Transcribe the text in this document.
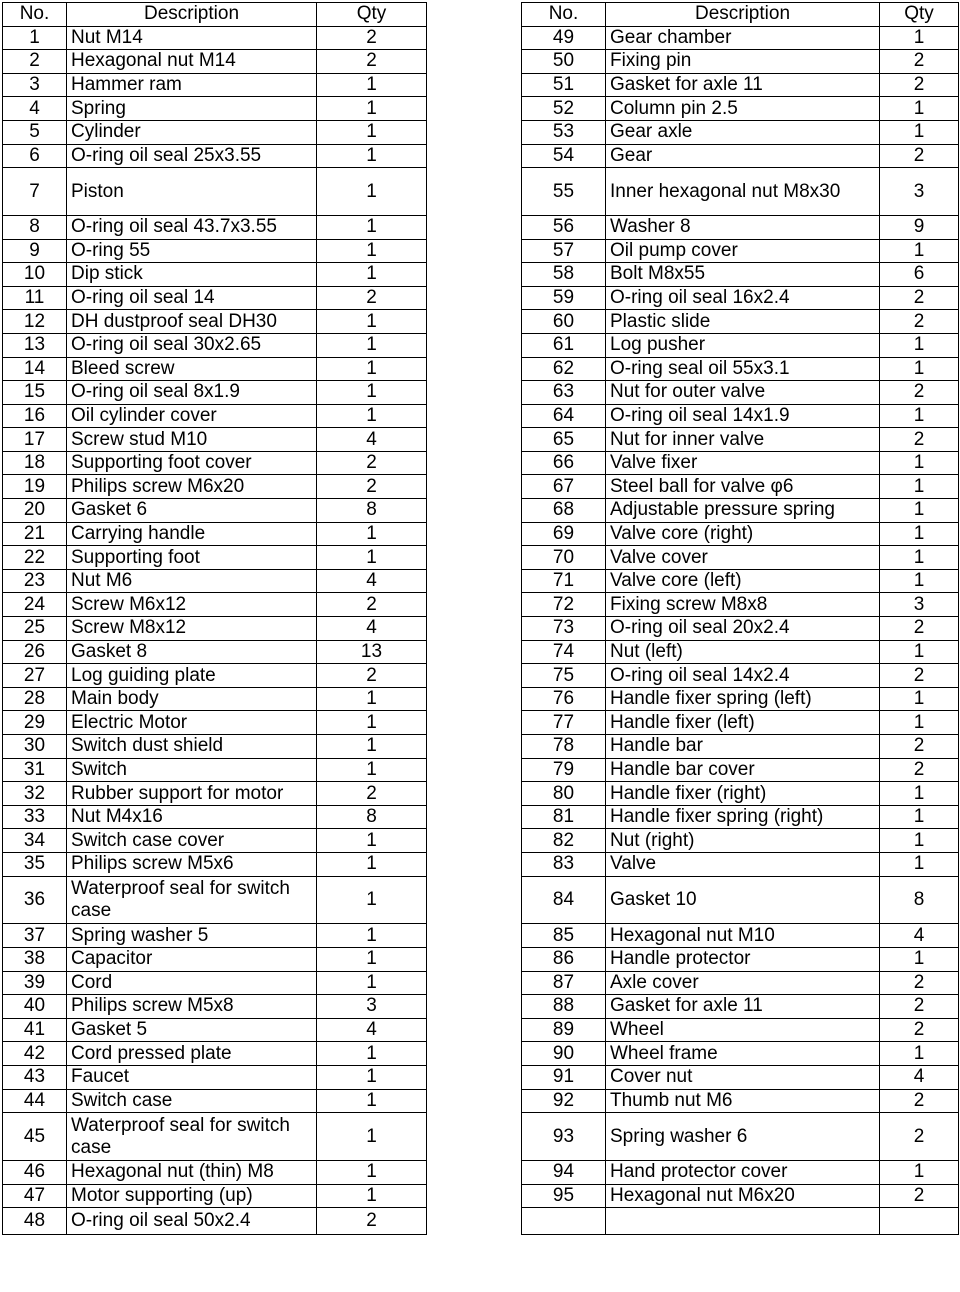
No.	Description	Qty
1	Nut M14	2
2	Hexagonal nut M14	2
3	Hammer ram	1
4	Spring	1
5	Cylinder	1
6	O-ring oil seal 25x3.55	1
7	Piston	1
8	O-ring oil seal 43.7x3.55	1
9	O-ring 55	1
10	Dip stick	1
11	O-ring oil seal 14	2
12	DH dustproof seal DH30	1
13	O-ring oil seal 30x2.65	1
14	Bleed screw	1
15	O-ring oil seal 8x1.9	1
16	Oil cylinder cover	1
17	Screw stud M10	4
18	Supporting foot cover	2
19	Philips screw M6x20	2
20	Gasket 6	8
21	Carrying handle	1
22	Supporting foot	1
23	Nut M6	4
24	Screw M6x12	2
25	Screw M8x12	4
26	Gasket 8	13
27	Log guiding plate	2
28	Main body	1
29	Electric Motor	1
30	Switch dust shield	1
31	Switch	1
32	Rubber support for motor	2
33	Nut M4x16	8
34	Switch case cover	1
35	Philips screw M5x6	1
36	Waterproof seal for switch case	1
37	Spring washer 5	1
38	Capacitor	1
39	Cord	1
40	Philips screw M5x8	3
41	Gasket 5	4
42	Cord pressed plate	1
43	Faucet	1
44	Switch case	1
45	Waterproof seal for switch case	1
46	Hexagonal nut (thin) M8	1
47	Motor supporting (up)	1
48	O-ring oil seal 50x2.4	2
No.	Description	Qty
49	Gear chamber	1
50	Fixing pin	2
51	Gasket for axle 11	2
52	Column pin 2.5	1
53	Gear axle	1
54	Gear	2
55	Inner hexagonal nut M8x30	3
56	Washer 8	9
57	Oil pump cover	1
58	Bolt M8x55	6
59	O-ring oil seal 16x2.4	2
60	Plastic slide	2
61	Log pusher	1
62	O-ring seal oil 55x3.1	1
63	Nut for outer valve	2
64	O-ring oil seal 14x1.9	1
65	Nut for inner valve	2
66	Valve fixer	1
67	Steel ball for valve φ6	1
68	Adjustable pressure spring	1
69	Valve core (right)	1
70	Valve cover	1
71	Valve core (left)	1
72	Fixing screw M8x8	3
73	O-ring oil seal 20x2.4	2
74	Nut (left)	1
75	O-ring oil seal 14x2.4	2
76	Handle fixer spring (left)	1
77	Handle fixer (left)	1
78	Handle bar	2
79	Handle bar cover	2
80	Handle fixer (right)	1
81	Handle fixer spring (right)	1
82	Nut (right)	1
83	Valve	1
84	Gasket 10	8
85	Hexagonal nut M10	4
86	Handle protector	1
87	Axle cover	2
88	Gasket for axle 11	2
89	Wheel	2
90	Wheel frame	1
91	Cover nut	4
92	Thumb nut M6	2
93	Spring washer 6	2
94	Hand protector cover	1
95	Hexagonal nut M6x20	2
